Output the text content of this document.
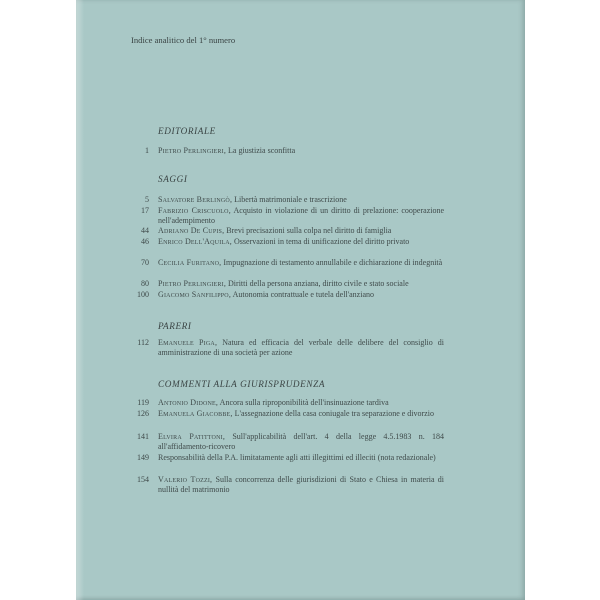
Indice analitico del 1° numero
EDITORIALE
1 Pietro Perlingieri, La giustizia sconfitta
SAGGI
5 Salvatore Berlingò, Libertà matrimoniale e trascrizione
17 Fabrizio Criscuolo, Acquisto in violazione di un diritto di prelazione: cooperazione nell'adempimento
44 Adriano De Cupis, Brevi precisazioni sulla colpa nel diritto di famiglia
46 Enrico Dell'Aquila, Osservazioni in tema di unificazione del diritto privato
70 Cecilia Furitano, Impugnazione di testamento annullabile e dichiarazione di indegnità
80 Pietro Perlingieri, Diritti della persona anziana, diritto civile e stato sociale
100 Giacomo Sanfilippo, Autonomia contrattuale e tutela dell'anziano
PARERI
112 Emanuele Piga, Natura ed efficacia del verbale delle delibere del consiglio di amministrazione di una società per azione
COMMENTI ALLA GIURISPRUDENZA
119 Antonio Didone, Ancora sulla riproponibilità dell'insinuazione tardiva
126 Emanuela Giacobbe, L'assegnazione della casa coniugale tra separazione e divorzio
141 Elvira Patittoni, Sull'applicabilità dell'art. 4 della legge 4.5.1983 n. 184 all'affidamento-ricovero
149 Responsabilità della P.A. limitatamente agli atti illegittimi ed illeciti (nota redazionale)
154 Valerio Tozzi, Sulla concorrenza delle giurisdizioni di Stato e Chiesa in materia di nullità del matrimonio
